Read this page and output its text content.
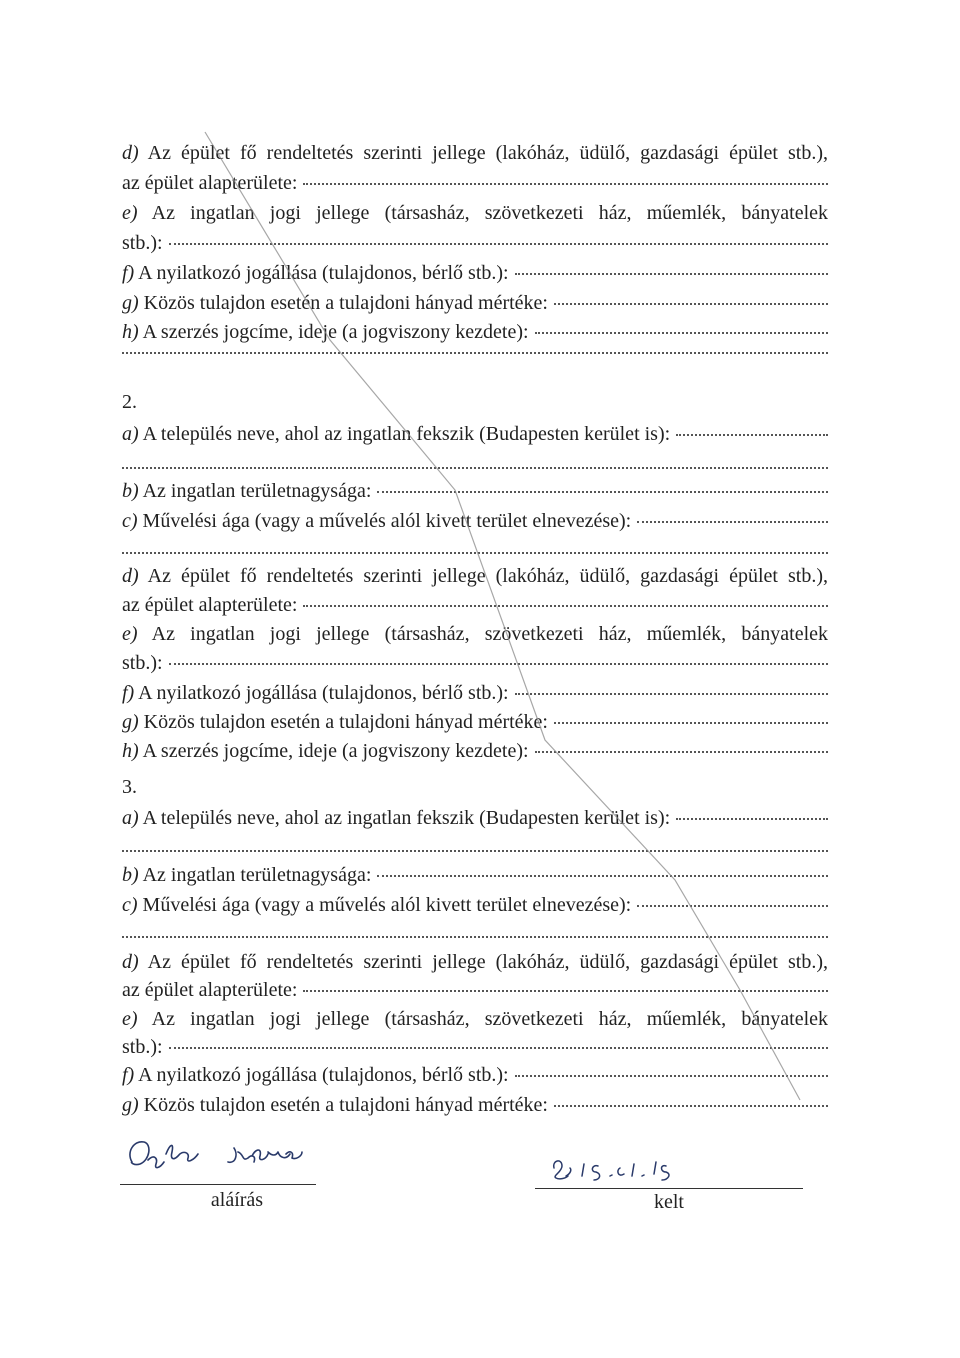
d) Az épület fő rendeltetés szerinti jellege (lakóház, üdülő, gazdasági épület stb.),
az épület alapterülete:
e) Az ingatlan jogi jellege (társasház, szövetkezeti ház, műemlék, bányatelek
stb.):
f) A nyilatkozó jogállása (tulajdonos, bérlő stb.):
g) Közös tulajdon esetén a tulajdoni hányad mértéke:
h) A szerzés jogcíme, ideje (a jogviszony kezdete):
2.
a) A település neve, ahol az ingatlan fekszik (Budapesten kerület is):
b) Az ingatlan területnagysága:
c) Művelési ága (vagy a művelés alól kivett terület elnevezése):
d) Az épület fő rendeltetés szerinti jellege (lakóház, üdülő, gazdasági épület stb.),
az épület alapterülete:
e) Az ingatlan jogi jellege (társasház, szövetkezeti ház, műemlék, bányatelek
stb.):
f) A nyilatkozó jogállása (tulajdonos, bérlő stb.):
g) Közös tulajdon esetén a tulajdoni hányad mértéke:
h) A szerzés jogcíme, ideje (a jogviszony kezdete):
3.
a) A település neve, ahol az ingatlan fekszik (Budapesten kerület is):
b) Az ingatlan területnagysága:
c) Művelési ága (vagy a művelés alól kivett terület elnevezése):
d) Az épület fő rendeltetés szerinti jellege (lakóház, üdülő, gazdasági épület stb.),
az épület alapterülete:
e) Az ingatlan jogi jellege (társasház, szövetkezeti ház, műemlék, bányatelek
stb.):
f) A nyilatkozó jogállása (tulajdonos, bérlő stb.):
g) Közös tulajdon esetén a tulajdoni hányad mértéke:
aláírás	kelt
